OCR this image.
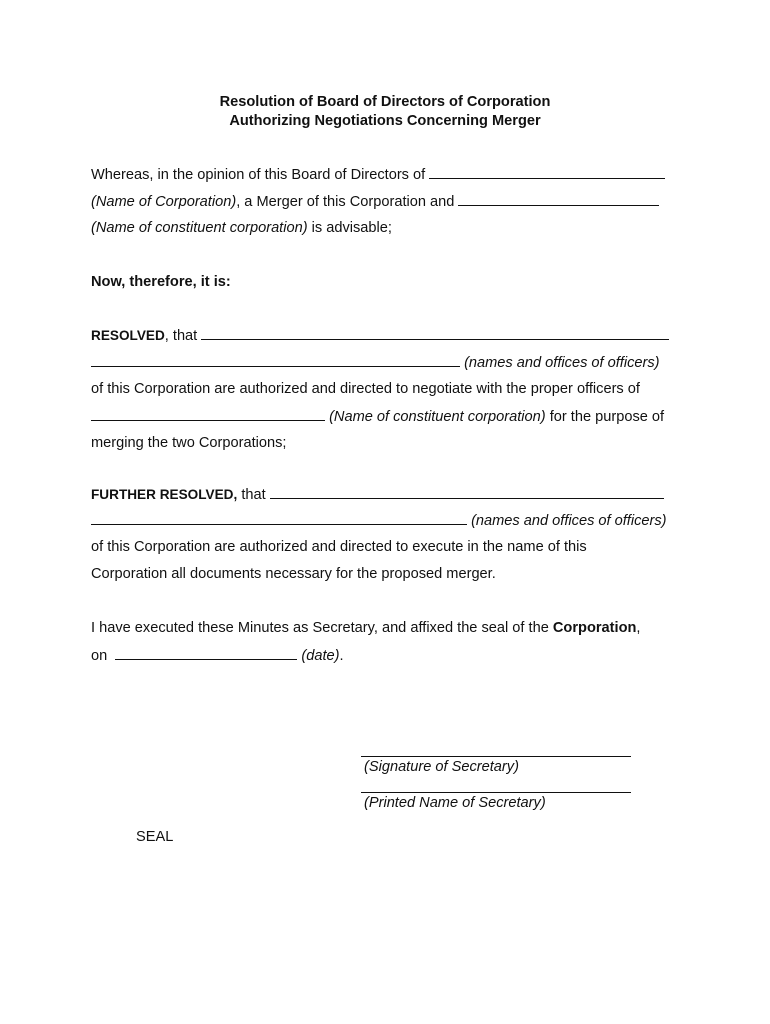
Resolution of Board of Directors of Corporation
Authorizing Negotiations Concerning Merger
Whereas, in the opinion of this Board of Directors of
(Name of Corporation), a Merger of this Corporation and
(Name of constituent corporation) is advisable;
Now, therefore, it is:
RESOLVED, that
(names and offices of officers)
of this Corporation are authorized and directed to negotiate with the proper officers of
(Name of constituent corporation) for the purpose of
merging the two Corporations;
FURTHER RESOLVED, that
(names and offices of officers)
of this Corporation are authorized and directed to execute in the name of this
Corporation all documents necessary for the proposed merger.
I have executed these Minutes as Secretary, and affixed the seal of the Corporation,
on	(date).
(Signature of Secretary)
(Printed Name of Secretary)
SEAL
